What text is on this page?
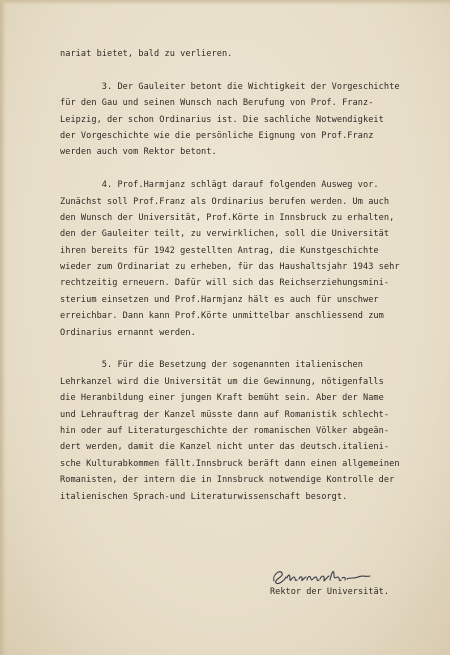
nariat bietet, bald zu verlieren.
3. Der Gauleiter betont die Wichtigkeit der Vorgeschichte
für den Gau und seinen Wunsch nach Berufung von Prof. Franz-
Leipzig, der schon Ordinarius ist. Die sachliche Notwendigkeit
der Vorgeschichte wie die persönliche Eignung von Prof.Franz
werden auch vom Rektor betont.
4. Prof.Harmjanz schlägt darauf folgenden Ausweg vor.
Zunächst soll Prof.Franz als Ordinarius berufen werden. Um auch
den Wunsch der Universität, Prof.Körte in Innsbruck zu erhalten,
den der Gauleiter teilt, zu verwirklichen, soll die Universität
ihren bereits für 1942 gestellten Antrag, die Kunstgeschichte
wieder zum Ordinariat zu erheben, für das Haushaltsjahr 1943 sehr
rechtzeitig erneuern. Dafür will sich das Reichserziehungsmini-
sterium einsetzen und Prof.Harmjanz hält es auch für unschwer
erreichbar. Dann kann Prof.Körte unmittelbar anschliessend zum
Ordinarius ernannt werden.
5. Für die Besetzung der sogenannten italienischen
Lehrkanzel wird die Universität um die Gewinnung, nötigenfalls
die Heranbildung einer jungen Kraft bemüht sein. Aber der Name
und Lehrauftrag der Kanzel müsste dann auf Romanistik schlecht-
hin oder auf Literaturgeschichte der romanischen Völker abgeän-
dert werden, damit die Kanzel nicht unter das deutsch.italieni-
sche Kulturabkommen fällt.Innsbruck beräft dann einen allgemeinen
Romanisten, der intern die in Innsbruck notwendige Kontrolle der
italienischen Sprach-und Literaturwissenschaft besorgt.
Rektor der Universität.
